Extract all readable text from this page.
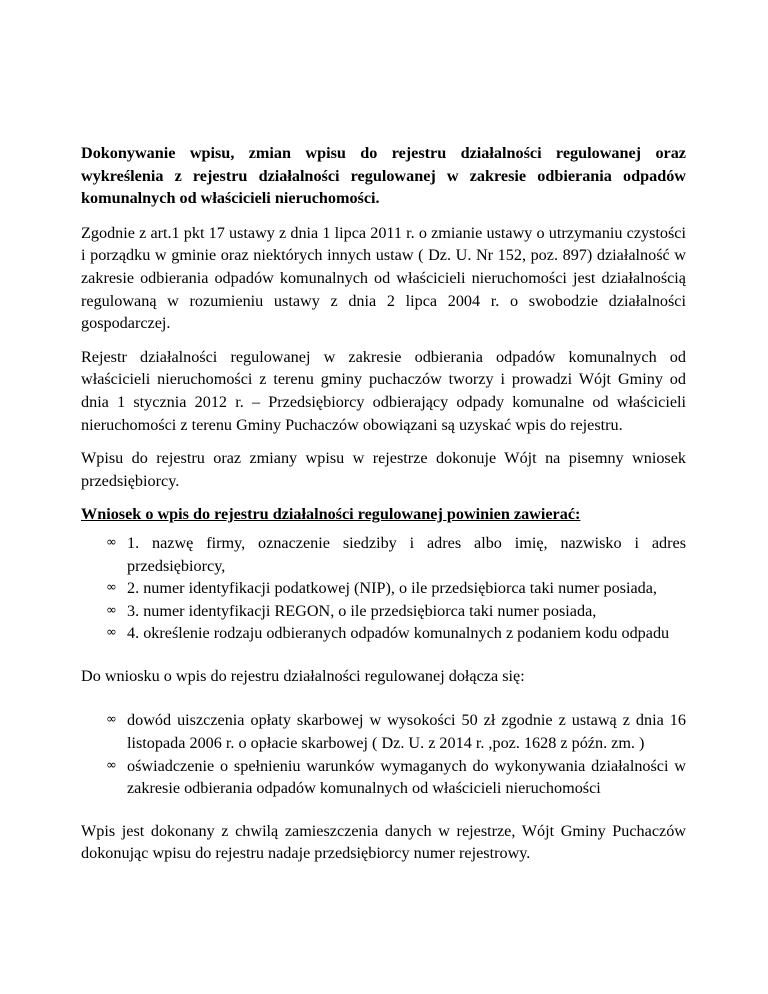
Dokonywanie wpisu, zmian wpisu do rejestru działalności regulowanej oraz wykreślenia z rejestru działalności regulowanej w zakresie odbierania odpadów komunalnych od właścicieli nieruchomości.

Zgodnie z art.1 pkt 17 ustawy z dnia 1 lipca 2011 r. o zmianie ustawy o utrzymaniu czystości i porządku w gminie oraz niektórych innych ustaw ( Dz. U. Nr 152, poz. 897) działalność w zakresie odbierania odpadów komunalnych od właścicieli nieruchomości jest działalnością regulowaną w rozumieniu ustawy z dnia 2 lipca 2004 r. o swobodzie działalności gospodarczej.

Rejestr działalności regulowanej w zakresie odbierania odpadów komunalnych od właścicieli nieruchomości z terenu gminy puchaczów tworzy i prowadzi Wójt Gminy od dnia 1 stycznia 2012 r. – Przedsiębiorcy odbierający odpady komunalne od właścicieli nieruchomości z terenu Gminy Puchaczów obowiązani są uzyskać wpis do rejestru.

Wpisu do rejestru oraz zmiany wpisu w rejestrze dokonuje Wójt na pisemny wniosek przedsiębiorcy.

Wniosek o wpis do rejestru działalności regulowanej powinien zawierać:

∞ 1. nazwę firmy, oznaczenie siedziby i adres albo imię, nazwisko i adres przedsiębiorcy,
∞ 2. numer identyfikacji podatkowej (NIP), o ile przedsiębiorca taki numer posiada,
∞ 3. numer identyfikacji REGON, o ile przedsiębiorca taki numer posiada,
∞ 4. określenie rodzaju odbieranych odpadów komunalnych z podaniem kodu odpadu

Do wniosku o wpis do rejestru działalności regulowanej dołącza się:

∞ dowód uiszczenia opłaty skarbowej w wysokości 50 zł zgodnie z ustawą z dnia 16 listopada 2006 r. o opłacie skarbowej ( Dz. U. z 2014 r. ,poz. 1628 z późn. zm. )
∞ oświadczenie o spełnieniu warunków wymaganych do wykonywania działalności w zakresie odbierania odpadów komunalnych od właścicieli nieruchomości

Wpis jest dokonany z chwilą zamieszczenia danych w rejestrze, Wójt Gminy Puchaczów dokonując wpisu do rejestru nadaje przedsiębiorcy numer rejestrowy.
